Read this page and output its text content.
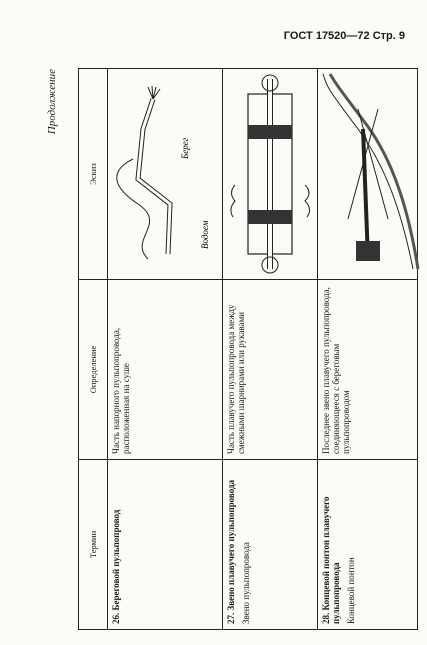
ГОСТ 17520—72 Стр. 9
Продолжение
Термин	Определение	Эскиз

26. Береговой пульпопровод	Часть напорного пульпопровода, расположенная на суше	Водоем
Берег

27. Звено плавучего пульпопровода Звено пульпопровода	Часть плавучего пульпопровода между смежными шарнирами или рукавами

28. Концевой понтон плавучего пульпопровода Концевой понтон	Последнее звено плавучего пульпопровода, соединяющееся с береговым пульпопроводом
